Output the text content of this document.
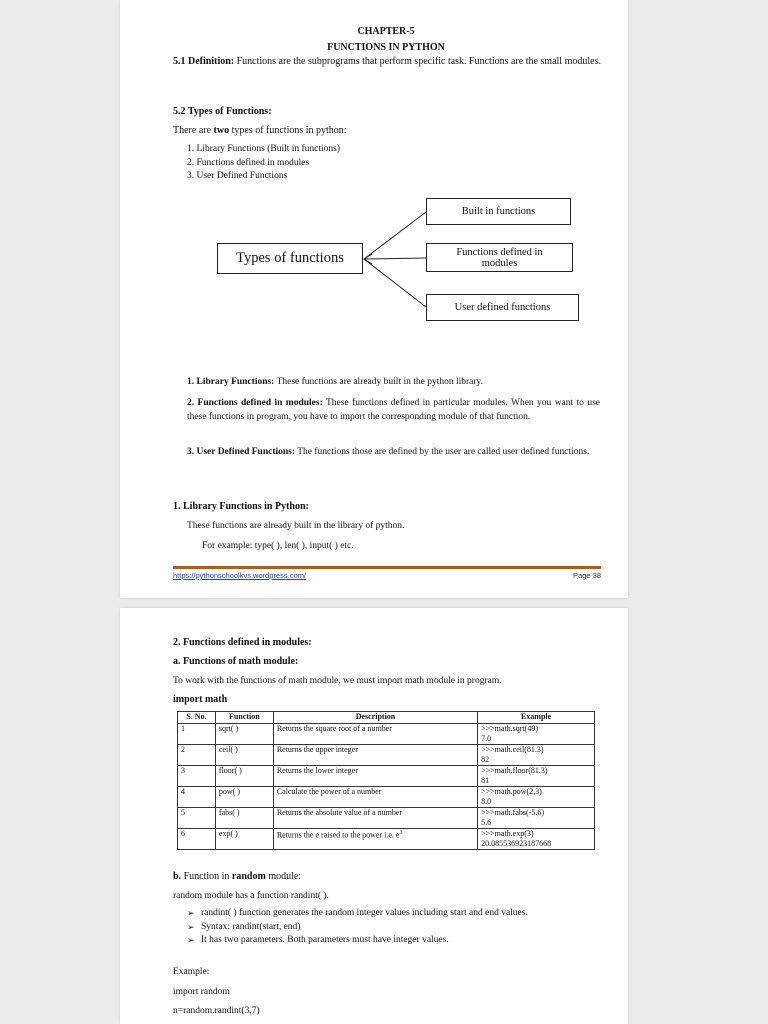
CHAPTER-5
FUNCTIONS IN PYTHON
5.1 Definition: Functions are the subprograms that perform specific task. Functions are the small modules.
5.2 Types of Functions:
There are two types of functions in python:
1. Library Functions (Built in functions)
2. Functions defined in modules
3. User Defined Functions
Types of functions
Built in functions
Functions defined in modules
User defined functions
1. Library Functions: These functions are already built in the python library.
2. Functions defined in modules: These functions defined in particular modules. When you want to use these functions in program, you have to import the corresponding module of that function.
3. User Defined Functions: The functions those are defined by the user are called user defined functions.
1. Library Functions in Python:
These functions are already built in the library of python.
For example: type( ), len( ), input( ) etc.
https://pythonschoolkvs.wordpress.com/	Page 38
2. Functions defined in modules:
a. Functions of math module:
To work with the functions of math module, we must import math module in program.
import math
S. No.	Function	Description	Example
1	sqrt( )	Returns the square root of a number	>>>math.sqrt(49)
7.0

2	ceil( )	Returns the upper integer	>>>math.ceil(81.3)
82

3	floor( )	Returns the lower integer	>>>math.floor(81.3)
81

4	pow( )	Calculate the power of a number	>>>math.pow(2,3)
8.0

5	fabs( )	Returns the absolute value of a number	>>>math.fabs(-5.6)
5.6

6	exp( )	Returns the e raised to the power i.e. $e^3$	>>>math.exp(3)
20.085536923187668
b. Function in random module:
random module has a function randint( ).
➢ randint( ) function generates the random integer values including start and end values.
➢ Syntax: randint(start, end)
➢ It has two parameters. Both parameters must have integer values.
Example:
import random
n=random.randint(3,7)
